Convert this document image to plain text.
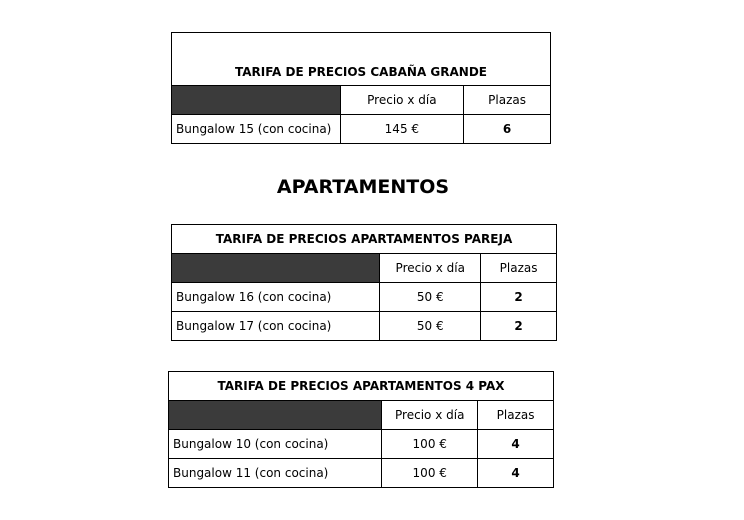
TARIFA DE PRECIOS CABAÑA GRANDE		
	Precio x día	Plazas
Bungalow 15 (con cocina)	145 €	6
APARTAMENTOS
TARIFA DE PRECIOS APARTAMENTOS PAREJA		
	Precio x día	Plazas
Bungalow 16 (con cocina)	50 €	2
Bungalow 17 (con cocina)	50 €	2
TARIFA DE PRECIOS APARTAMENTOS 4 PAX		
	Precio x día	Plazas
Bungalow 10 (con cocina)	100 €	4
Bungalow 11 (con cocina)	100 €	4
